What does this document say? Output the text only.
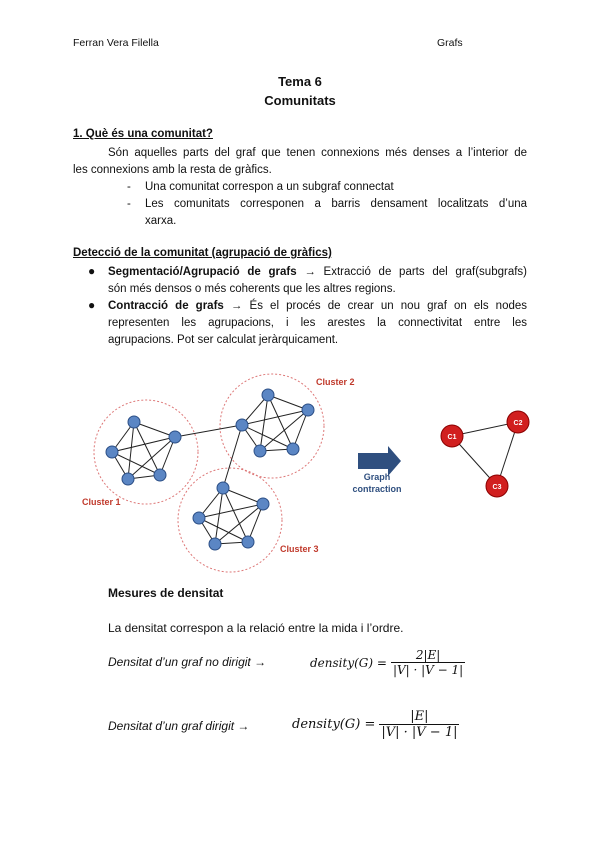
Ferran Vera Filella	Grafs
Tema 6
Comunitats
1. Què és una comunitat?
Són aquelles parts del graf que tenen connexions més denses a l’interior de
les connexions amb la resta de gràfics.
- Una comunitat correspon a un subgraf connectat
- Les comunitats corresponen a barris densament localitzats d’una
xarxa.
Detecció de la comunitat (agrupació de gràfics)
● Segmentació/Agrupació de grafs → Extracció de parts del graf(subgrafs)
són més densos o més coherents que les altres regions.
● Contracció de grafs → És el procés de crear un nou graf on els nodes
representen les agrupacions, i les arestes la connectivitat entre les
agrupacions. Pot ser calculat jeràrquicament.
Cluster 2
Cluster 1
Cluster 3
Graph
contraction
C1
C2
C3
Mesures de densitat
La densitat correspon a la relació entre la mida i l’ordre.
Densitat d’un graf no dirigit →	density(G) = $\frac{2|E|}{|V| \cdot |V - 1|}$
Densitat d’un graf dirigit →	density(G) = $\frac{|E|}{|V| \cdot |V - 1|}$
